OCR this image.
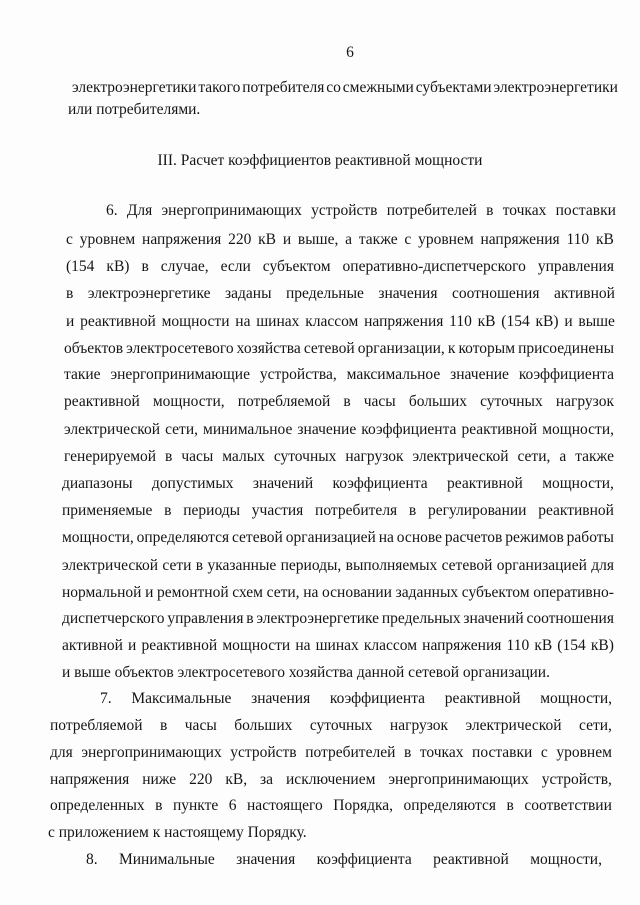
6
электроэнергетики такого потребителя со смежными субъектами электроэнергетики
или потребителями.
III. Расчет коэффициентов реактивной мощности
6. Для энергопринимающих устройств потребителей в точках поставки
с уровнем напряжения 220 кВ и выше, а также с уровнем напряжения 110 кВ
(154 кВ) в случае, если субъектом оперативно-диспетчерского управления
в электроэнергетике заданы предельные значения соотношения активной
и реактивной мощности на шинах классом напряжения 110 кВ (154 кВ) и выше
объектов электросетевого хозяйства сетевой организации, к которым присоединены
такие энергопринимающие устройства, максимальное значение коэффициента
реактивной мощности, потребляемой в часы больших суточных нагрузок
электрической сети, минимальное значение коэффициента реактивной мощности,
генерируемой в часы малых суточных нагрузок электрической сети, а также
диапазоны допустимых значений коэффициента реактивной мощности,
применяемые в периоды участия потребителя в регулировании реактивной
мощности, определяются сетевой организацией на основе расчетов режимов работы
электрической сети в указанные периоды, выполняемых сетевой организацией для
нормальной и ремонтной схем сети, на основании заданных субъектом оперативно-
диспетчерского управления в электроэнергетике предельных значений соотношения
активной и реактивной мощности на шинах классом напряжения 110 кВ (154 кВ)
и выше объектов электросетевого хозяйства данной сетевой организации.
7. Максимальные значения коэффициента реактивной мощности,
потребляемой в часы больших суточных нагрузок электрической сети,
для энергопринимающих устройств потребителей в точках поставки с уровнем
напряжения ниже 220 кВ, за исключением энергопринимающих устройств,
определенных в пункте 6 настоящего Порядка, определяются в соответствии
с приложением к настоящему Порядку.
8. Минимальные значения коэффициента реактивной мощности,
